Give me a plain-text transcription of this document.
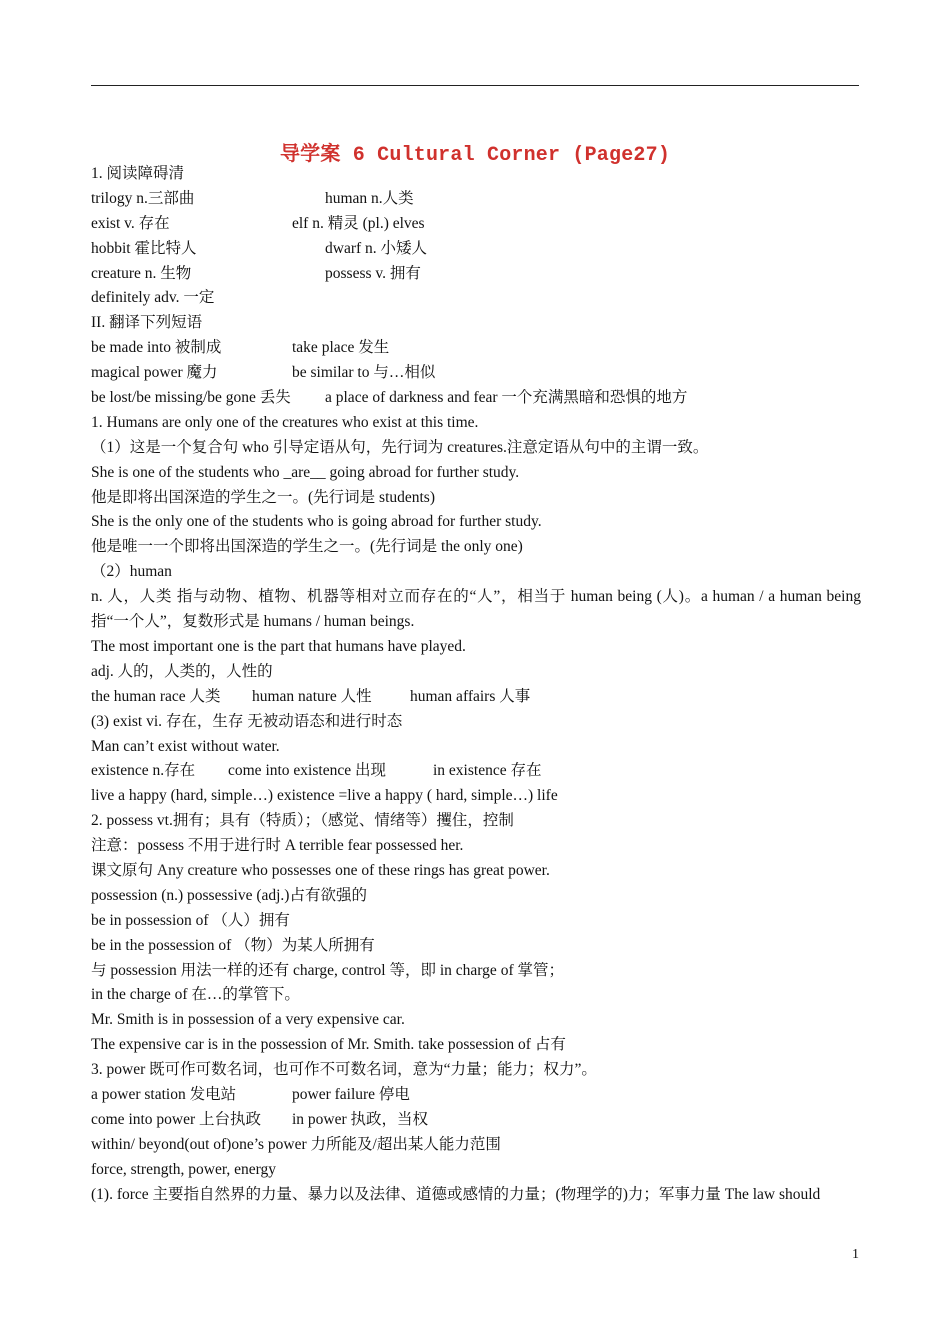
导学案 6 Cultural Corner (Page27)
1. 阅读障碍清
trilogy n.三部曲	human n.人类
exist v. 存在	elf n. 精灵 (pl.) elves
hobbit 霍比特人	dwarf n. 小矮人
creature n. 生物	possess v. 拥有
definitely adv. 一定
II. 翻译下列短语
be made into 被制成	take place 发生
magical power 魔力	be similar to 与…相似
be lost/be missing/be gone 丢失 a place of darkness and fear 一个充满黑暗和恐惧的地方
1. Humans are only one of the creatures who exist at this time.
（1）这是一个复合句 who 引导定语从句，先行词为 creatures.注意定语从句中的主谓一致。
She is one of the students who _are__ going abroad for further study.
他是即将出国深造的学生之一。(先行词是 students)
She is the only one of the students who is going abroad for further study.
他是唯一一个即将出国深造的学生之一。(先行词是 the only one)
（2）human
n. 人，人类 指与动物、植物、机器等相对立而存在的“人”，相当于 human being (人)。a human / a human being 指“一个人”，复数形式是 humans / human beings.
The most important one is the part that humans have played.
adj. 人的，人类的，人性的
the human race 人类 human nature 人性 human affairs 人事
(3) exist vi. 存在，生存 无被动语态和进行时态
Man can’t exist without water.
existence n.存在 come into existence 出现	in existence 存在
live a happy (hard, simple…) existence =live a happy ( hard, simple…) life
2. possess vt.拥有；具有（特质）；（感觉、情绪等）攫住，控制
注意：possess 不用于进行时 A terrible fear possessed her.
课文原句 Any creature who possesses one of these rings has great power.
possession (n.) possessive (adj.)占有欲强的
be in possession of （人）拥有
be in the possession of （物）为某人所拥有
与 possession 用法一样的还有 charge, control 等，即 in charge of 掌管；
in the charge of 在…的掌管下。
Mr. Smith is in possession of a very expensive car.
The expensive car is in the possession of Mr. Smith. take possession of 占有
3. power 既可作可数名词，也可作不可数名词，意为“力量；能力；权力”。
a power station 发电站	power failure 停电
come into power 上台执政 in power 执政，当权
within/ beyond(out of)one’s power 力所能及/超出某人能力范围
force, strength, power, energy
(1). force 主要指自然界的力量、暴力以及法律、道德或感情的力量；(物理学的)力；军事力量 The law should
1
